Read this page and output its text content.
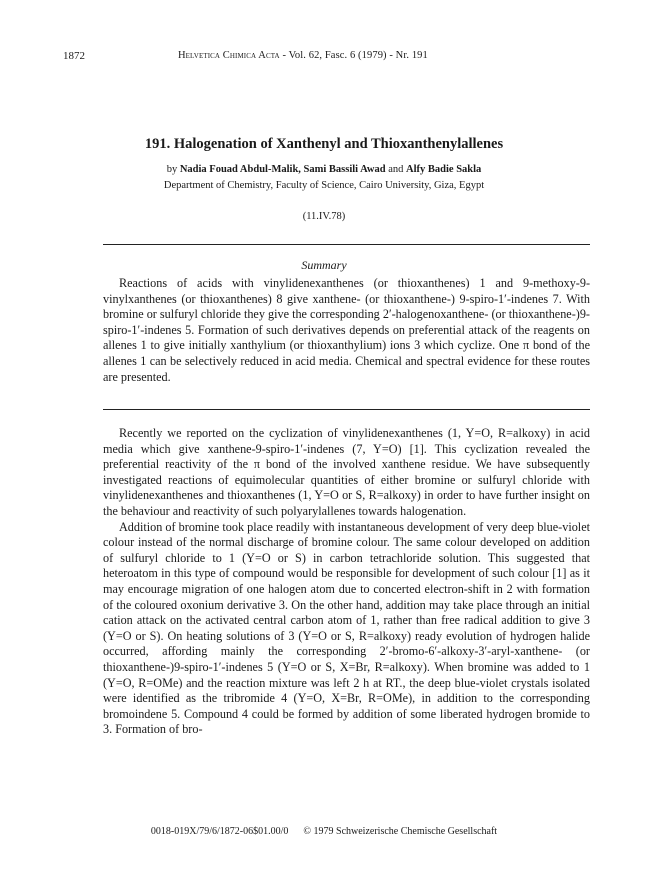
1872	Helvetica Chimica Acta - Vol. 62, Fasc. 6 (1979) - Nr. 191
191. Halogenation of Xanthenyl and Thioxanthenylallenes
by Nadia Fouad Abdul-Malik, Sami Bassili Awad and Alfy Badie Sakla
Department of Chemistry, Faculty of Science, Cairo University, Giza, Egypt
(11.IV.78)
Summary

Reactions of acids with vinylidenexanthenes (or thioxanthenes) 1 and 9-methoxy-9-vinylxanthenes (or thioxanthenes) 8 give xanthene- (or thioxanthene-) 9-spiro-1′-indenes 7. With bromine or sulfuryl chloride they give the corresponding 2′-halogenoxanthene- (or thioxanthene-)9-spiro-1′-indenes 5. Formation of such derivatives depends on preferential attack of the reagents on allenes 1 to give initially xanthylium (or thioxanthylium) ions 3 which cyclize. One π bond of the allenes 1 can be selectively reduced in acid media. Chemical and spectral evidence for these routes are presented.

Recently we reported on the cyclization of vinylidenexanthenes (1, Y=O, R=alkoxy) in acid media which give xanthene-9-spiro-1′-indenes (7, Y=O) [1]. This cyclization revealed the preferential reactivity of the π bond of the involved xanthene residue. We have subsequently investigated reactions of equimolecular quantities of either bromine or sulfuryl chloride with vinylidenexanthenes and thioxanthenes (1, Y=O or S, R=alkoxy) in order to have further insight on the behaviour and reactivity of such polyarylallenes towards halogenation.

Addition of bromine took place readily with instantaneous development of very deep blue-violet colour instead of the normal discharge of bromine colour. The same colour developed on addition of sulfuryl chloride to 1 (Y=O or S) in carbon tetrachloride solution. This suggested that heteroatom in this type of compound would be responsible for development of such colour [1] as it may encourage migration of one halogen atom due to concerted electron-shift in 2 with formation of the coloured oxonium derivative 3. On the other hand, addition may take place through an initial cation attack on the activated central carbon atom of 1, rather than free radical addition to give 3 (Y=O or S). On heating solutions of 3 (Y=O or S, R=alkoxy) ready evolution of hydrogen halide occurred, affording mainly the corresponding 2′-bromo-6′-alkoxy-3′-aryl-xanthene- (or thioxanthene-)9-spiro-1′-indenes 5 (Y=O or S, X=Br, R=alkoxy). When bromine was added to 1 (Y=O, R=OMe) and the reaction mixture was left 2 h at RT., the deep blue-violet crystals isolated were identified as the tribromide 4 (Y=O, X=Br, R=OMe), in addition to the corresponding bromoindene 5. Compound 4 could be formed by addition of some liberated hydrogen bromide to 3. Formation of bro-

0018-019X/79/6/1872-06$01.00/0      © 1979 Schweizerische Chemische Gesellschaft
